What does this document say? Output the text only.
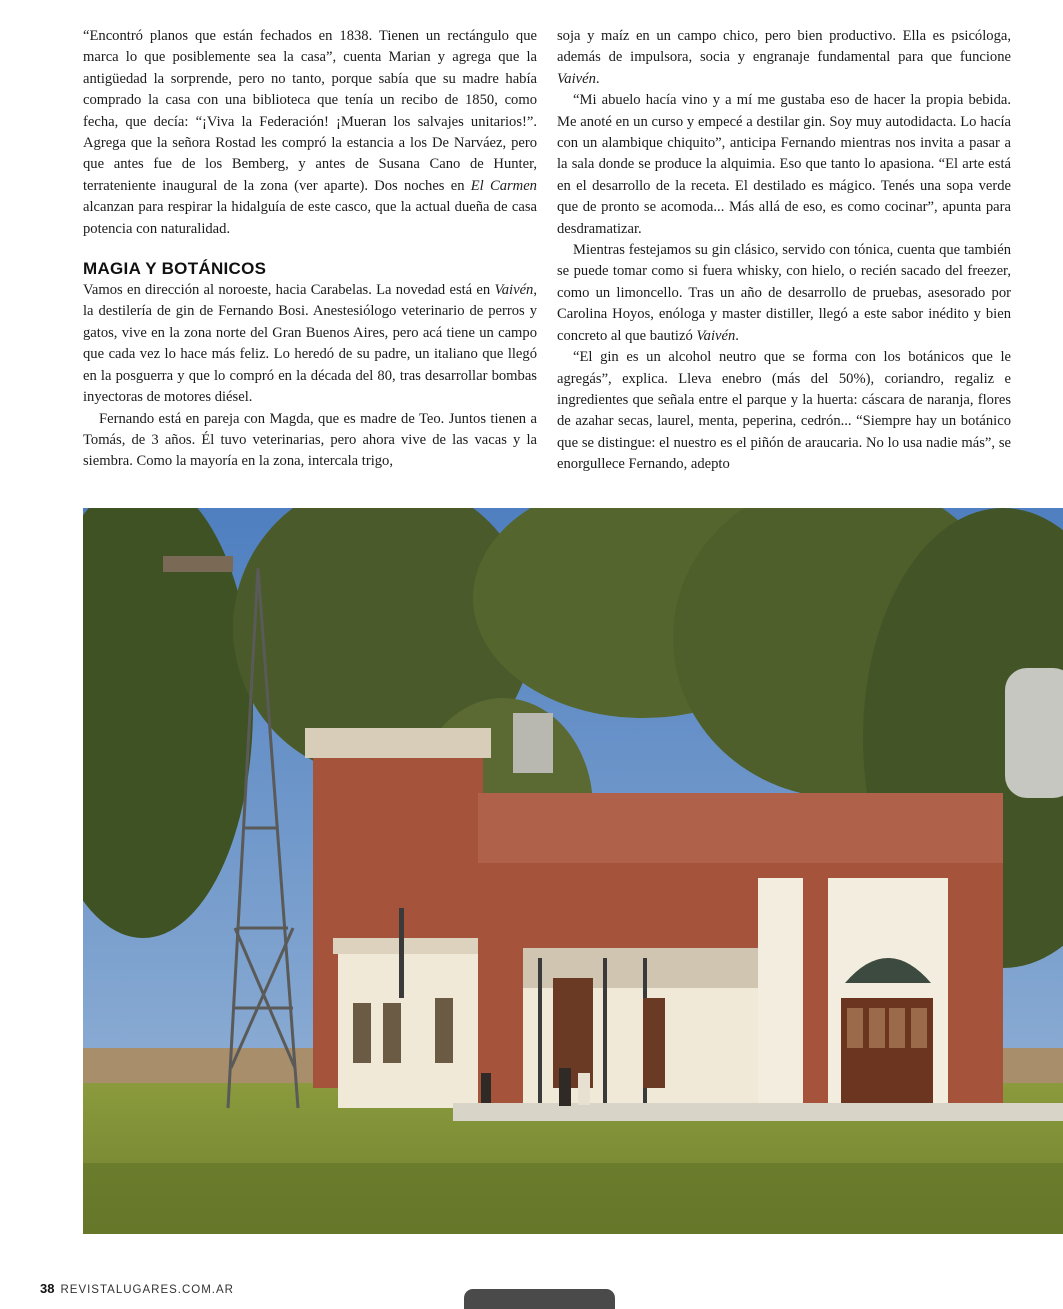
“Encontró planos que están fechados en 1838. Tienen un rectángulo que marca lo que posiblemente sea la casa”, cuenta Marian y agrega que la antigüedad la sorprende, pero no tanto, porque sabía que su madre había comprado la casa con una biblioteca que tenía un recibo de 1850, como fecha, que decía: “¡Viva la Federación! ¡Mueran los salvajes unitarios!”. Agrega que la señora Rostad les compró la estancia a los De Narváez, pero que antes fue de los Bemberg, y antes de Susana Cano de Hunter, terrateniente inaugural de la zona (ver aparte). Dos noches en El Carmen alcanzan para respirar la hidalguía de este casco, que la actual dueña de casa potencia con naturalidad.

MAGIA Y BOTÁNICOS

Vamos en dirección al noroeste, hacia Carabelas. La novedad está en Vaivén, la destilería de gin de Fernando Bosi. Anestesiólogo veterinario de perros y gatos, vive en la zona norte del Gran Buenos Aires, pero acá tiene un campo que cada vez lo hace más feliz. Lo heredó de su padre, un italiano que llegó en la posguerra y que lo compró en la década del 80, tras desarrollar bombas inyectoras de motores diésel.

Fernando está en pareja con Magda, que es madre de Teo. Juntos tienen a Tomás, de 3 años. Él tuvo veterinarias, pero ahora vive de las vacas y la siembra. Como la mayoría en la zona, intercala trigo,

soja y maíz en un campo chico, pero bien productivo. Ella es psicóloga, además de impulsora, socia y engranaje fundamental para que funcione Vaivén.

“Mi abuelo hacía vino y a mí me gustaba eso de hacer la propia bebida. Me anoté en un curso y empecé a destilar gin. Soy muy autodidacta. Lo hacía con un alambique chiquito”, anticipa Fernando mientras nos invita a pasar a la sala donde se produce la alquimia. Eso que tanto lo apasiona. “El arte está en el desarrollo de la receta. El destilado es mágico. Tenés una sopa verde que de pronto se acomoda... Más allá de eso, es como cocinar”, apunta para desdramatizar.

Mientras festejamos su gin clásico, servido con tónica, cuenta que también se puede tomar como si fuera whisky, con hielo, o recién sacado del freezer, como un limoncello. Tras un año de desarrollo de pruebas, asesorado por Carolina Hoyos, enóloga y master distiller, llegó a este sabor inédito y bien concreto al que bautizó Vaivén.

“El gin es un alcohol neutro que se forma con los botánicos que le agregás”, explica. Lleva enebro (más del 50%), coriandro, regaliz e ingredientes que señala entre el parque y la huerta: cáscara de naranja, flores de azahar secas, laurel, menta, peperina, cedrón... “Siempre hay un botánico que se distingue: el nuestro es el piñón de araucaria. No lo usa nadie más”, se enorgullece Fernando, adepto

38 REVISTALUGARES.COM.AR
